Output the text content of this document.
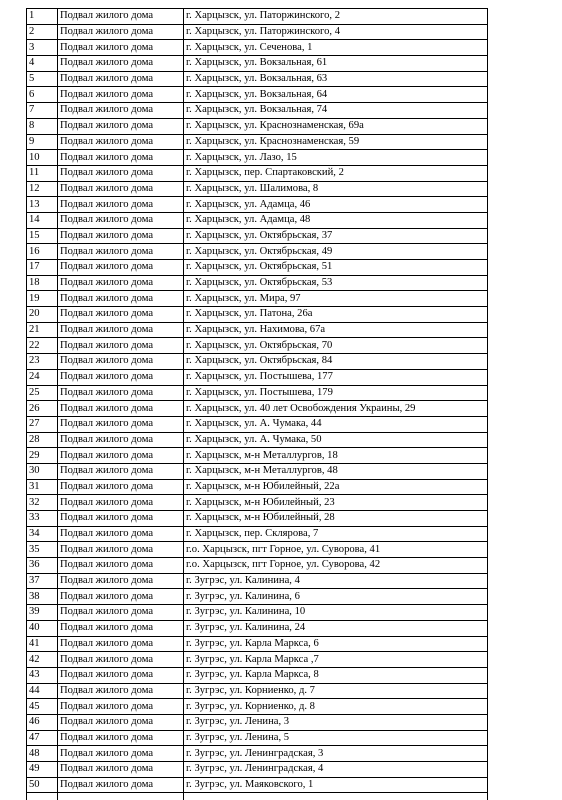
1	Подвал жилого дома	г. Харцызск, ул. Паторжинского, 2
2	Подвал жилого дома	г. Харцызск, ул. Паторжинского, 4
3	Подвал жилого дома	г. Харцызск, ул. Сеченова, 1
4	Подвал жилого дома	г. Харцызск, ул. Вокзальная, 61
5	Подвал жилого дома	г. Харцызск, ул. Вокзальная, 63
6	Подвал жилого дома	г. Харцызск, ул. Вокзальная, 64
7	Подвал жилого дома	г. Харцызск, ул. Вокзальная, 74
8	Подвал жилого дома	г. Харцызск, ул. Краснознаменская, 69а
9	Подвал жилого дома	г. Харцызск, ул. Краснознаменская, 59
10	Подвал жилого дома	г. Харцызск, ул. Лазо, 15
11	Подвал жилого дома	г. Харцызск, пер. Спартаковский, 2
12	Подвал жилого дома	г. Харцызск, ул. Шалимова, 8
13	Подвал жилого дома	г. Харцызск, ул. Адамца, 46
14	Подвал жилого дома	г. Харцызск, ул. Адамца, 48
15	Подвал жилого дома	г. Харцызск, ул. Октябрьская, 37
16	Подвал жилого дома	г. Харцызск, ул. Октябрьская, 49
17	Подвал жилого дома	г. Харцызск, ул. Октябрьская, 51
18	Подвал жилого дома	г. Харцызск, ул. Октябрьская, 53
19	Подвал жилого дома	г. Харцызск, ул. Мира, 97
20	Подвал жилого дома	г. Харцызск, ул. Патона, 26а
21	Подвал жилого дома	г. Харцызск, ул. Нахимова, 67а
22	Подвал жилого дома	г. Харцызск, ул. Октябрьская, 70
23	Подвал жилого дома	г. Харцызск, ул. Октябрьская, 84
24	Подвал жилого дома	г. Харцызск, ул. Постышева, 177
25	Подвал жилого дома	г. Харцызск, ул. Постышева, 179
26	Подвал жилого дома	г. Харцызск, ул. 40 лет Освобождения Украины, 29
27	Подвал жилого дома	г. Харцызск, ул. А. Чумака, 44
28	Подвал жилого дома	г. Харцызск, ул. А. Чумака, 50
29	Подвал жилого дома	г. Харцызск, м-н Металлургов, 18
30	Подвал жилого дома	г. Харцызск, м-н Металлургов, 48
31	Подвал жилого дома	г. Харцызск, м-н Юбилейный, 22а
32	Подвал жилого дома	г. Харцызск, м-н Юбилейный, 23
33	Подвал жилого дома	г. Харцызск, м-н Юбилейный, 28
34	Подвал жилого дома	г. Харцызск, пер. Склярова, 7
35	Подвал жилого дома	г.о. Харцызск, пгт Горное, ул. Суворова, 41
36	Подвал жилого дома	г.о. Харцызск, пгт Горное, ул. Суворова, 42
37	Подвал жилого дома	г. Зугрэс, ул. Калинина, 4
38	Подвал жилого дома	г. Зугрэс, ул. Калинина, 6
39	Подвал жилого дома	г. Зугрэс, ул. Калинина, 10
40	Подвал жилого дома	г. Зугрэс, ул. Калинина, 24
41	Подвал жилого дома	г. Зугрэс, ул. Карла Маркса, 6
42	Подвал жилого дома	г. Зугрэс, ул. Карла Маркса ,7
43	Подвал жилого дома	г. Зугрэс, ул. Карла Маркса, 8
44	Подвал жилого дома	г. Зугрэс, ул. Корниенко, д. 7
45	Подвал жилого дома	г. Зугрэс, ул. Корниенко, д. 8
46	Подвал жилого дома	г. Зугрэс, ул. Ленина, 3
47	Подвал жилого дома	г. Зугрэс, ул. Ленина, 5
48	Подвал жилого дома	г. Зугрэс, ул. Ленинградская, 3
49	Подвал жилого дома	г. Зугрэс, ул. Ленинградская, 4
50	Подвал жилого дома	г. Зугрэс, ул. Маяковского, 1
